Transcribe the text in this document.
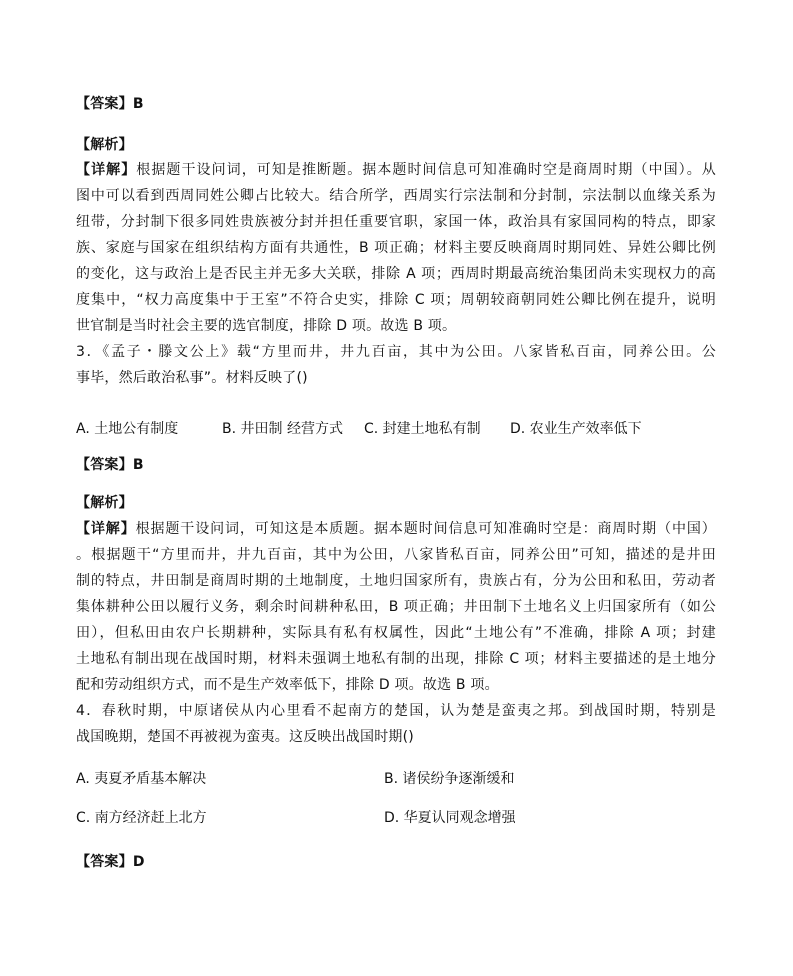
【答案】B
【解析】
【详解】根据题干设问词，可知是推断题。据本题时间信息可知准确时空是商周时期（中国）。从
图中可以看到西周同姓公卿占比较大。结合所学，西周实行宗法制和分封制，宗法制以血缘关系为
纽带，分封制下很多同姓贵族被分封并担任重要官职，家国一体，政治具有家国同构的特点，即家
族、家庭与国家在组织结构方面有共通性，B 项正确；材料主要反映商周时期同姓、异姓公卿比例
的变化，这与政治上是否民主并无多大关联，排除 A 项；西周时期最高统治集团尚未实现权力的高
度集中，“权力高度集中于王室”不符合史实，排除 C 项；周朝较商朝同姓公卿比例在提升，说明
世官制是当时社会主要的选官制度，排除 D 项。故选 B 项。
3．《孟子・滕文公上》载“方里而井，井九百亩，其中为公田。八家皆私百亩，同养公田。公
事毕，然后敢治私事”。材料反映了()
A. 土地公有制度	B. 井田制 经营方式 C. 封建土地私有制 D. 农业生产效率低下
【答案】B
【解析】
【详解】根据题干设问词，可知这是本质题。据本题时间信息可知准确时空是：商周时期（中国）
。根据题干“方里而井，井九百亩，其中为公田，八家皆私百亩，同养公田”可知，描述的是井田
制的特点，井田制是商周时期的土地制度，土地归国家所有，贵族占有，分为公田和私田，劳动者
集体耕种公田以履行义务，剩余时间耕种私田，B 项正确；井田制下土地名义上归国家所有（如公
田），但私田由农户长期耕种，实际具有私有权属性，因此“土地公有”不准确，排除 A 项；封建
土地私有制出现在战国时期，材料未强调土地私有制的出现，排除 C 项；材料主要描述的是土地分
配和劳动组织方式，而不是生产效率低下，排除 D 项。故选 B 项。
4．春秋时期，中原诸侯从内心里看不起南方的楚国，认为楚是蛮夷之邦。到战国时期，特别是
战国晚期，楚国不再被视为蛮夷。这反映出战国时期()
A. 夷夏矛盾基本解决	B. 诸侯纷争逐渐缓和
C. 南方经济赶上北方	D. 华夏认同观念增强
【答案】D
